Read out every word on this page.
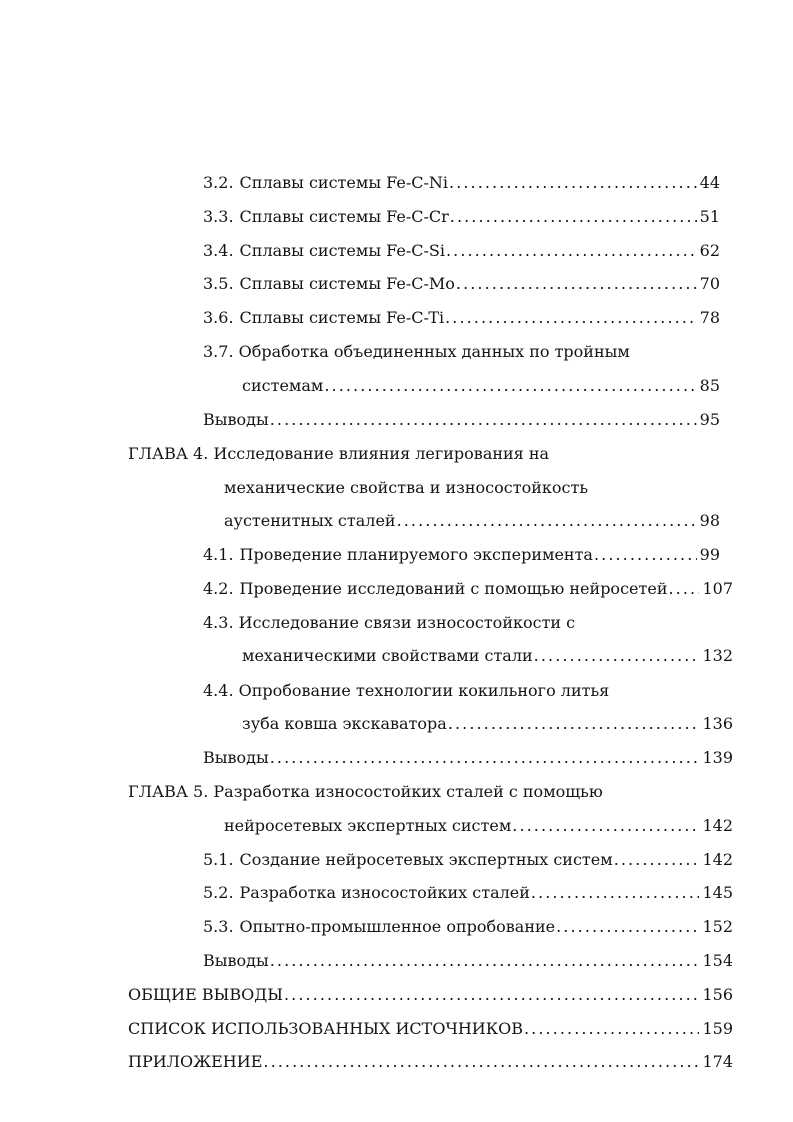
3.2. Сплавы системы Fe-C-Ni . . .	44
3.3. Сплавы системы Fe-C-Cr . . .	51
3.4. Сплавы системы Fe-C-Si . . .	62
3.5. Сплавы системы Fe-C-Mo . . .	70
3.6. Сплавы системы Fe-C-Ti . . .	78
3.7. Обработка объединенных данных по тройным
системам . . .	85
Выводы . . .	95
ГЛАВА 4. Исследование влияния легирования на
механические свойства и износостойкость
аустенитных сталей . . .	98
4.1. Проведение планируемого эксперимента . . .	99
4.2. Проведение исследований с помощью нейросетей . . . 107
4.3. Исследование связи износостойкости с
механическими свойствами стали . . .	132
4.4. Опробование технологии кокильного литья
зуба ковша экскаватора . . .	136
Выводы . . .	139
ГЛАВА 5. Разработка износостойких сталей с помощью
нейросетевых экспертных систем . . .	142
5.1. Создание нейросетевых экспертных систем . . .	142
5.2. Разработка износостойких сталей . . .	145
5.3. Опытно-промышленное опробование . . .	152
Выводы . . .	154
ОБЩИЕ ВЫВОДЫ . . .	156
СПИСОК ИСПОЛЬЗОВАННЫХ ИСТОЧНИКОВ . . .	159
ПРИЛОЖЕНИЕ . . .	174
